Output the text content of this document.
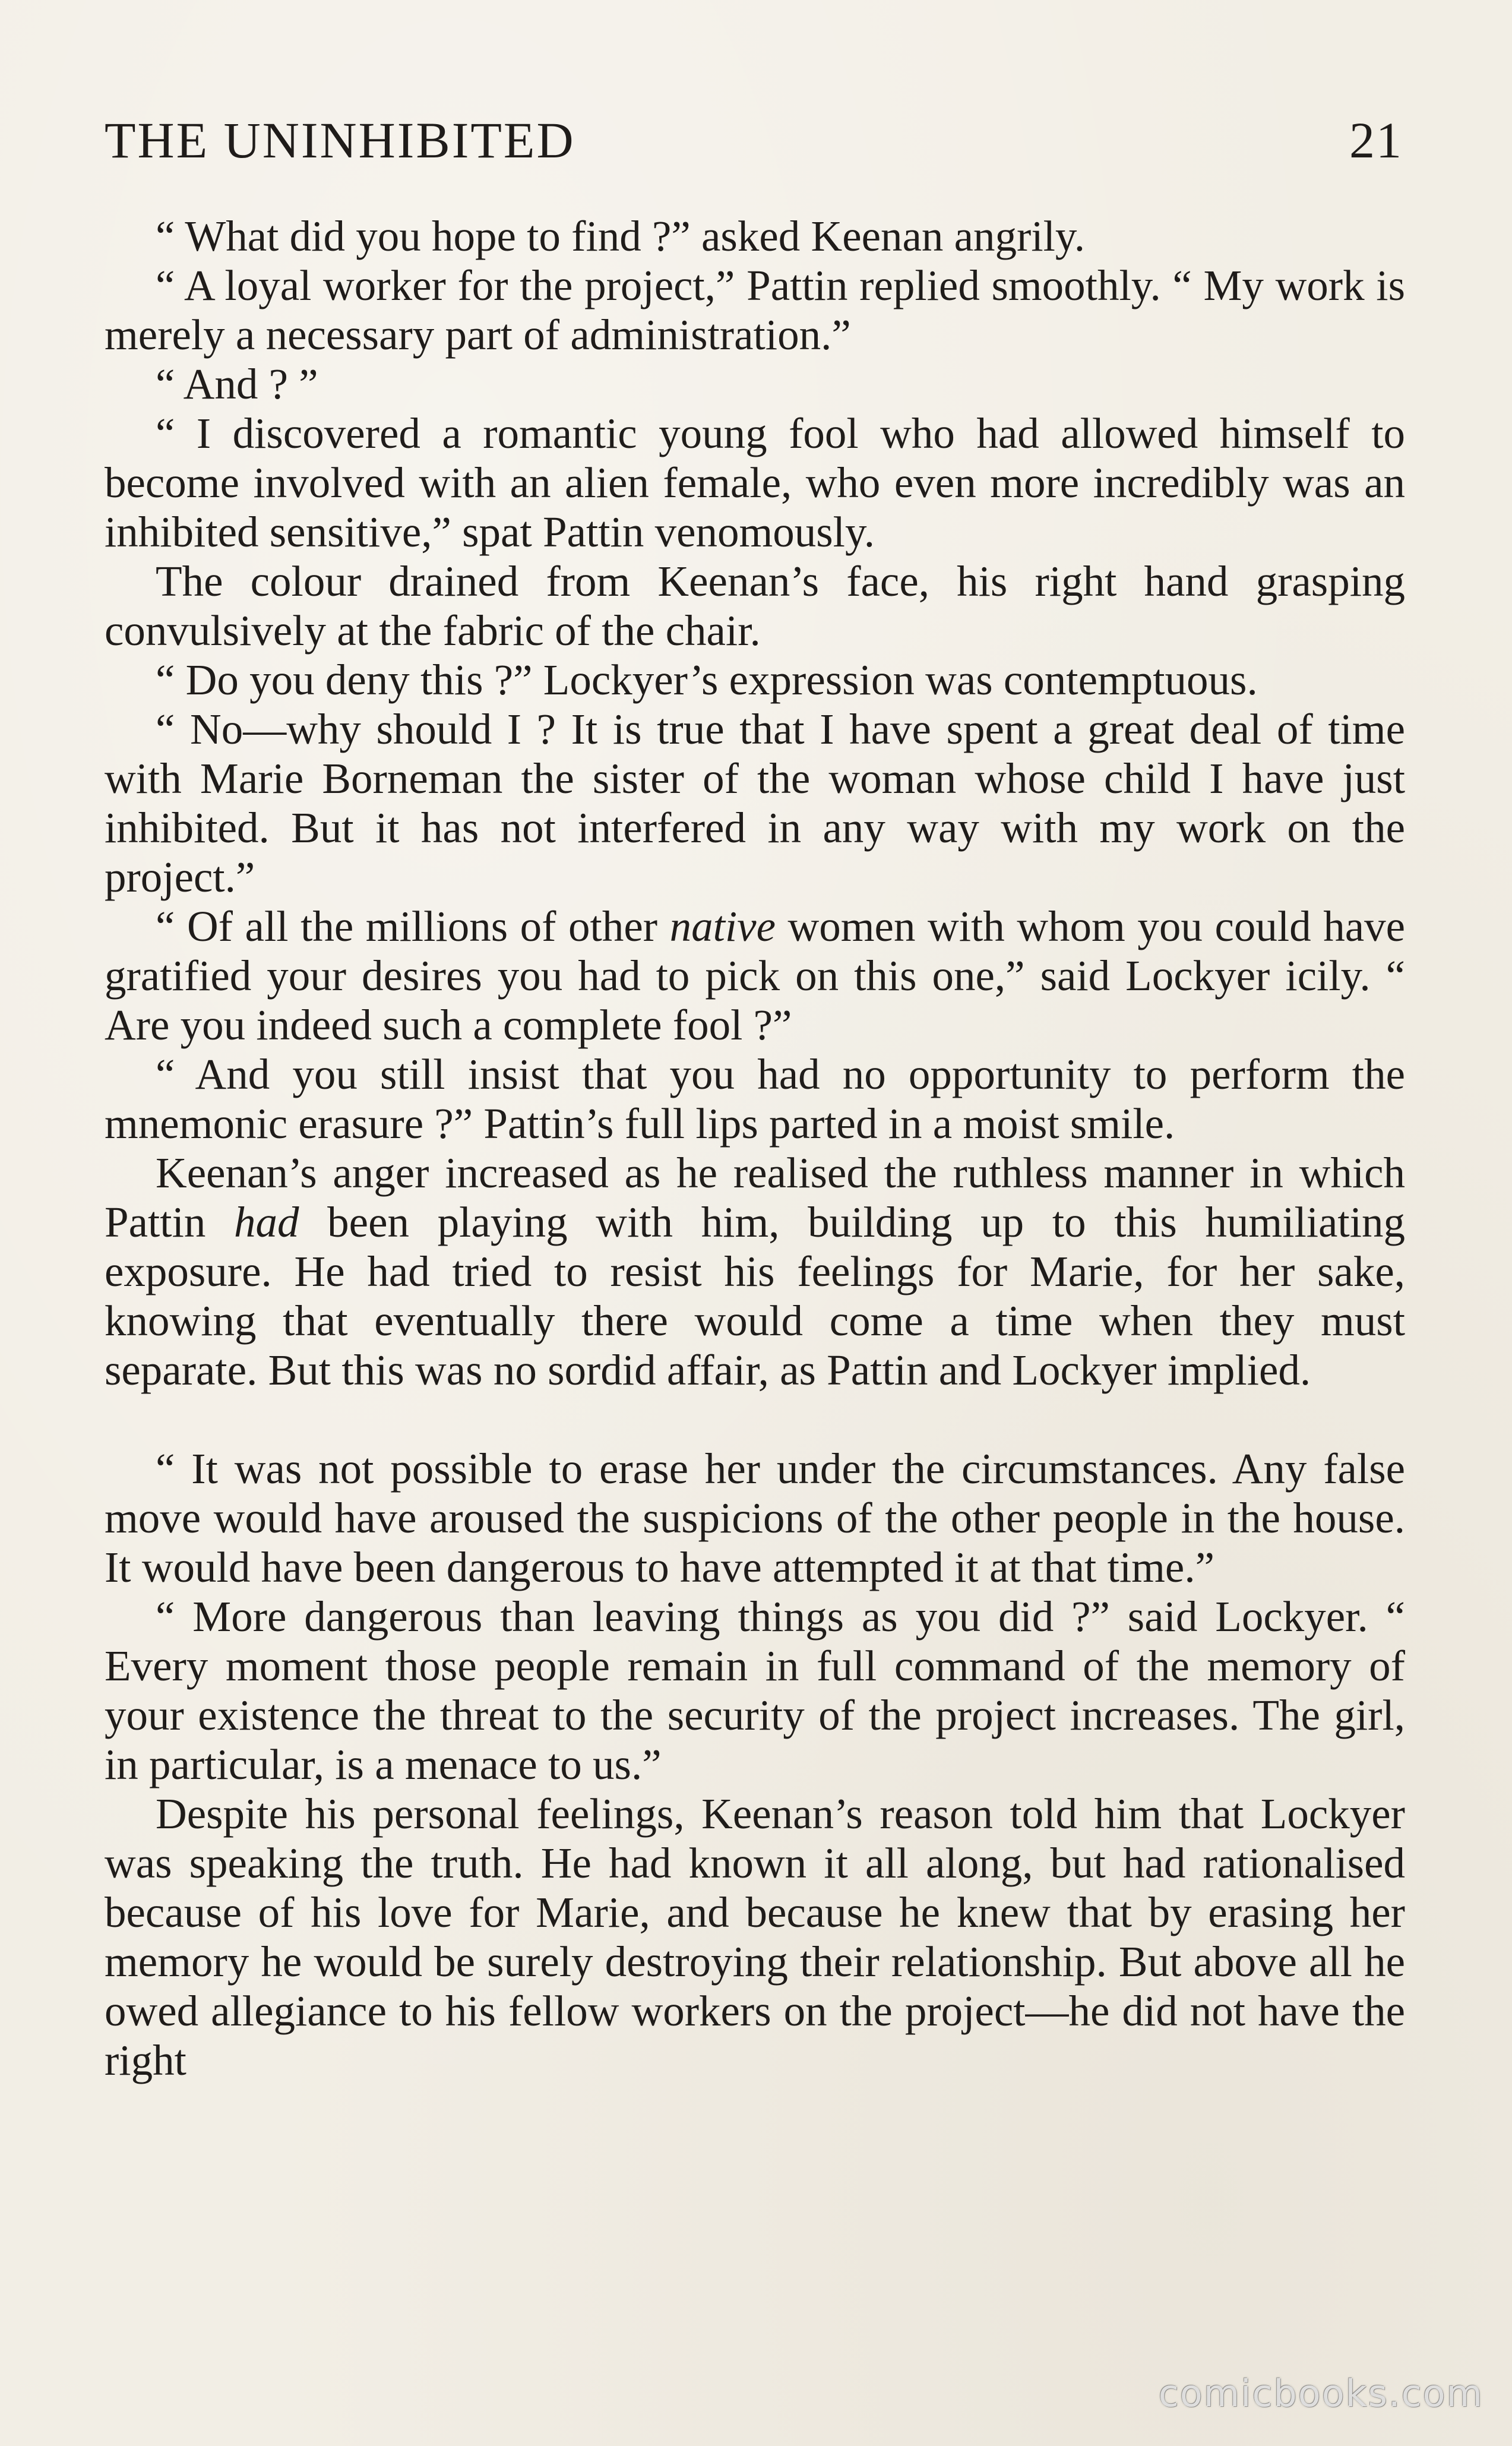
THE UNINHIBITED	21

“ What did you hope to find ?” asked Keenan angrily.

“ A loyal worker for the project,” Pattin replied smoothly. “ My work is merely a necessary part of administration.”

“ And ? ”

“ I discovered a romantic young fool who had allowed himself to become involved with an alien female, who even more incredibly was an inhibited sensitive,” spat Pattin venomously.

The colour drained from Keenan’s face, his right hand grasping convulsively at the fabric of the chair.

“ Do you deny this ?” Lockyer’s expression was contemptuous.

“ No—why should I ? It is true that I have spent a great deal of time with Marie Borneman the sister of the woman whose child I have just inhibited. But it has not interfered in any way with my work on the project.”

“ Of all the millions of other native women with whom you could have gratified your desires you had to pick on this one,” said Lockyer icily. “ Are you indeed such a complete fool ?”

“ And you still insist that you had no opportunity to perform the mnemonic erasure ?” Pattin’s full lips parted in a moist smile.

Keenan’s anger increased as he realised the ruthless manner in which Pattin had been playing with him, building up to this humiliating exposure. He had tried to resist his feelings for Marie, for her sake, knowing that eventually there would come a time when they must separate. But this was no sordid affair, as Pattin and Lockyer implied.

“ It was not possible to erase her under the circumstances. Any false move would have aroused the suspicions of the other people in the house. It would have been dangerous to have attempted it at that time.”

“ More dangerous than leaving things as you did ?” said Lockyer. “ Every moment those people remain in full command of the memory of your existence the threat to the security of the project increases. The girl, in particular, is a menace to us.”

Despite his personal feelings, Keenan’s reason told him that Lockyer was speaking the truth. He had known it all along, but had rationalised because of his love for Marie, and because he knew that by erasing her memory he would be surely destroying their relationship. But above all he owed allegiance to his fellow workers on the project—he did not have the right

comicbooks.com
